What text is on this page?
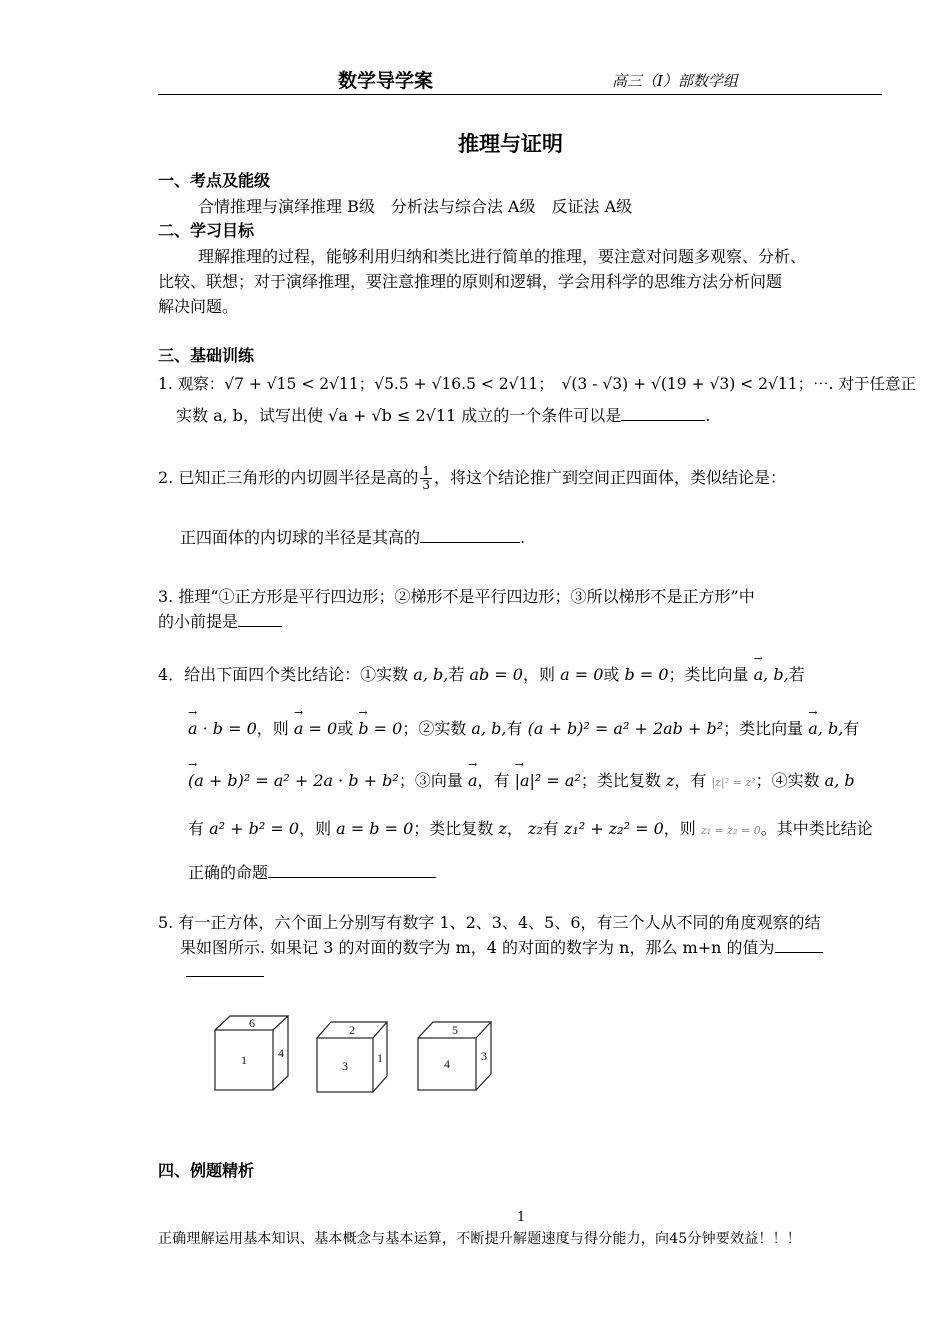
数学导学案	高三（Ⅰ）部数学组
推理与证明
一、考点及能级
合情推理与演绎推理 B级　分析法与综合法 A级　反证法 A级
二、学习目标
理解推理的过程，能够利用归纳和类比进行简单的推理，要注意对问题多观察、分析、
比较、联想；对于演绎推理，要注意推理的原则和逻辑，学会用科学的思维方法分析问题
解决问题。
三、基础训练
1. 观察：√7 + √15 < 2√11；√5.5 + √16.5 < 2√11；　√(3 - √3) + √(19 + √3) < 2√11；⋯. 对于任意正
实数 a, b，试写出使 √a + √b ≤ 2√11 成立的一个条件可以是	.
2. 已知正三角形的内切圆半径是高的 $\frac{1}{3}$ ，将这个结论推广到空间正四面体，类似结论是：
正四面体的内切球的半径是其高的	.
3. 推理“①正方形是平行四边形；②梯形不是平行四边形；③所以梯形不是正方形”中
的小前提是
4．给出下面四个类比结论：①实数 a, b,若 ab = 0，则 a = 0或 b = 0；类比向量 → a, b,若
→ a · b = 0，则 → a = 0或 → b = 0；②实数 a, b,有 (a + b)² = a² + 2ab + b²；类比向量 → a, b,有
→ (a + b)² = a² + 2a · b + b²；③向量 → a，有 → |a|² = a²；类比复数 z，有 |z|² = z²；④实数 a, b
有 a² + b² = 0，则 a = b = 0；类比复数 z， z₂有 z₁² + z₂² = 0，则 z₁ = z₂ = 0。其中类比结论
正确的命题
5. 有一正方体，六个面上分别写有数字 1、2、3、4、5、6，有三个人从不同的角度观察的结
果如图所示. 如果记 3 的对面的数字为 m，4 的对面的数字为 n，那么 m+n 的值为
6
1	4
2
3
1
5
4
3
四、例题精析
1
正确理解运用基本知识、基本概念与基本运算，不断提升解题速度与得分能力，向45分钟要效益！！！
